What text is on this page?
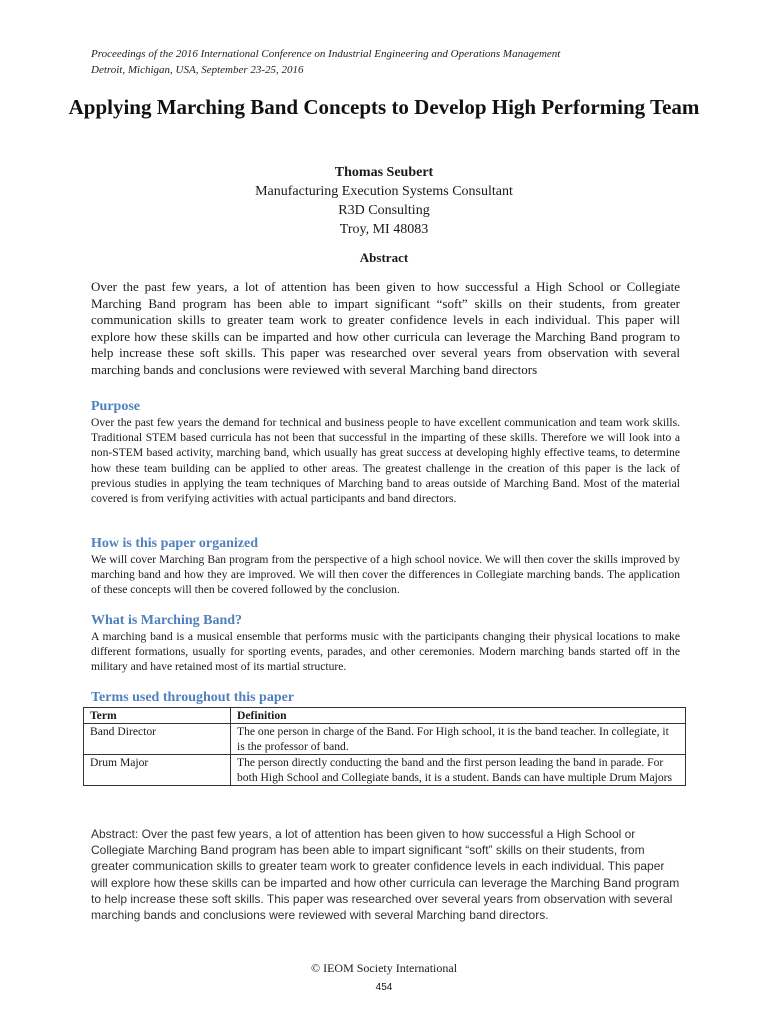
Proceedings of the 2016 International Conference on Industrial Engineering and Operations Management
Detroit, Michigan, USA, September 23-25, 2016
Applying Marching Band Concepts to Develop High Performing Team
Thomas Seubert
Manufacturing Execution Systems Consultant
R3D Consulting
Troy, MI 48083
Abstract
Over the past few years, a lot of attention has been given to how successful a High School or Collegiate Marching Band program has been able to impart significant “soft” skills on their students, from greater communication skills to greater team work to greater confidence levels in each individual. This paper will explore how these skills can be imparted and how other curricula can leverage the Marching Band program to help increase these soft skills. This paper was researched over several years from observation with several marching bands and conclusions were reviewed with several Marching band directors
Purpose
Over the past few years the demand for technical and business people to have excellent communication and team work skills. Traditional STEM based curricula has not been that successful in the imparting of these skills. Therefore we will look into a non-STEM based activity, marching band, which usually has great success at developing highly effective teams, to determine how these team building can be applied to other areas. The greatest challenge in the creation of this paper is the lack of previous studies in applying the team techniques of Marching band to areas outside of Marching Band. Most of the material covered is from verifying activities with actual participants and band directors.
How is this paper organized
We will cover Marching Ban program from the perspective of a high school novice. We will then cover the skills improved by marching band and how they are improved. We will then cover the differences in Collegiate marching bands. The application of these concepts will then be covered followed by the conclusion.
What is Marching Band?
A marching band is a musical ensemble that performs music with the participants changing their physical locations to make different formations, usually for sporting events, parades, and other ceremonies. Modern marching bands started off in the military and have retained most of its martial structure.
Terms used throughout this paper
Term	Definition
Band Director	The one person in charge of the Band. For High school, it is the band teacher. In collegiate, it is the professor of band.
Drum Major	The person directly conducting the band and the first person leading the band in parade. For both High School and Collegiate bands, it is a student. Bands can have multiple Drum Majors
Abstract: Over the past few years, a lot of attention has been given to how successful a High School or Collegiate Marching Band program has been able to impart significant “soft” skills on their students, from greater communication skills to greater team work to greater confidence levels in each individual. This paper will explore how these skills can be imparted and how other curricula can leverage the Marching Band program to help increase these soft skills. This paper was researched over several years from observation with several marching bands and conclusions were reviewed with several Marching band directors.
© IEOM Society International
454
